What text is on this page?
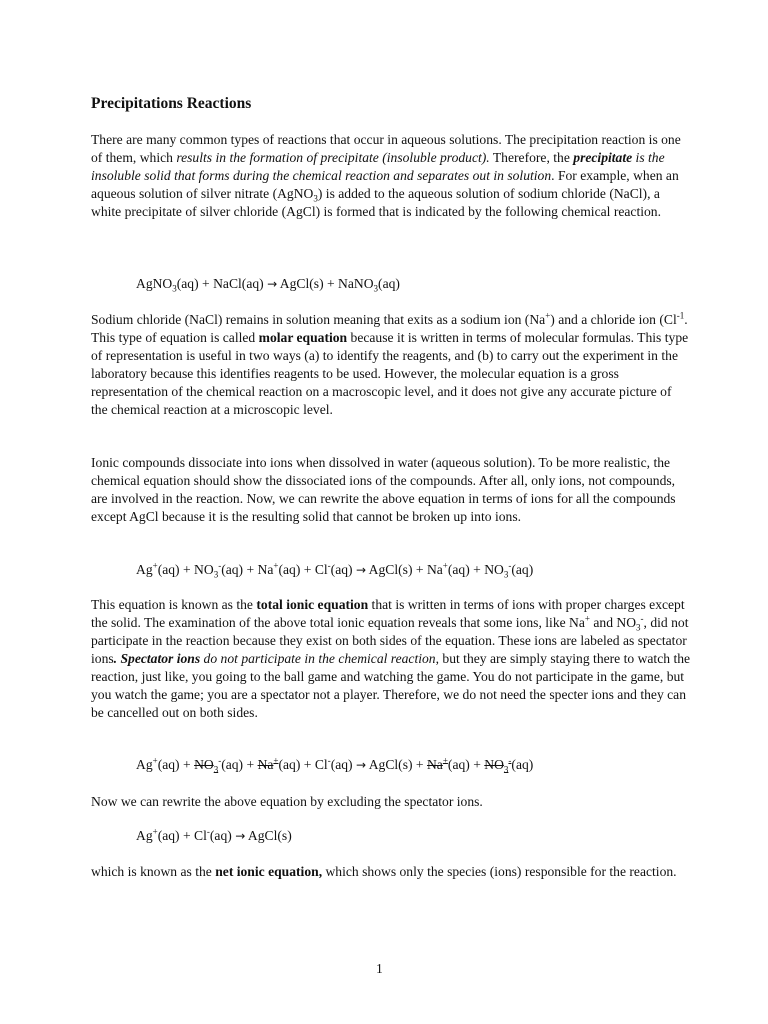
Precipitations Reactions

There are many common types of reactions that occur in aqueous solutions. The precipitation reaction is one of them, which results in the formation of precipitate (insoluble product). Therefore, the precipitate is the insoluble solid that forms during the chemical reaction and separates out in solution. For example, when an aqueous solution of silver nitrate (AgNO$_3$) is added to the aqueous solution of sodium chloride (NaCl), a white precipitate of silver chloride (AgCl) is formed that is indicated by the following chemical reaction.

AgNO$_3$(aq) + NaCl(aq) → AgCl(s) + NaNO$_3$(aq)

Sodium chloride (NaCl) remains in solution meaning that exits as a sodium ion (Na+) and a chloride ion ($Cl^{-1}$. This type of equation is called molar equation because it is written in terms of molecular formulas. This type of representation is useful in two ways (a) to identify the reagents, and (b) to carry out the experiment in the laboratory because this identifies reagents to be used. However, the molecular equation is a gross representation of the chemical reaction on a macroscopic level, and it does not give any accurate picture of the chemical reaction at a microscopic level.

Ionic compounds dissociate into ions when dissolved in water (aqueous solution). To be more realistic, the chemical equation should show the dissociated ions of the compounds. After all, only ions, not compounds, are involved in the reaction. Now, we can rewrite the above equation in terms of ions for all the compounds except AgCl because it is the resulting solid that cannot be broken up into ions.

$Ag^+(aq) + NO_3^-(aq) + Na^+(aq) + Cl^-(aq)$ → AgCl(s) + $Na^+(aq) + NO_3^-(aq)$

This equation is known as the total ionic equation that is written in terms of ions with proper charges except the solid. The examination of the above total ionic equation reveals that some ions, like Na+ and $NO_3^-$, did not participate in the reaction because they exist on both sides of the equation. These ions are labeled as spectator ions. Spectator ions do not participate in the chemical reaction, but they are simply staying there to watch the reaction, just like, you going to the ball game and watching the game. You do not participate in the game, but you watch the game; you are a spectator not a player. Therefore, we do not need the specter ions and they can be cancelled out on both sides.

$Ag^+(aq) + NO_3^-(aq) + Na^+(aq) + Cl^-(aq)$ → AgCl(s) + $Na^+(aq) + NO_3^-(aq)$

Now we can rewrite the above equation by excluding the spectator ions.

Ag+(aq) + Cl-(aq) → AgCl(s)

which is known as the net ionic equation, which shows only the species (ions) responsible for the reaction.

1
